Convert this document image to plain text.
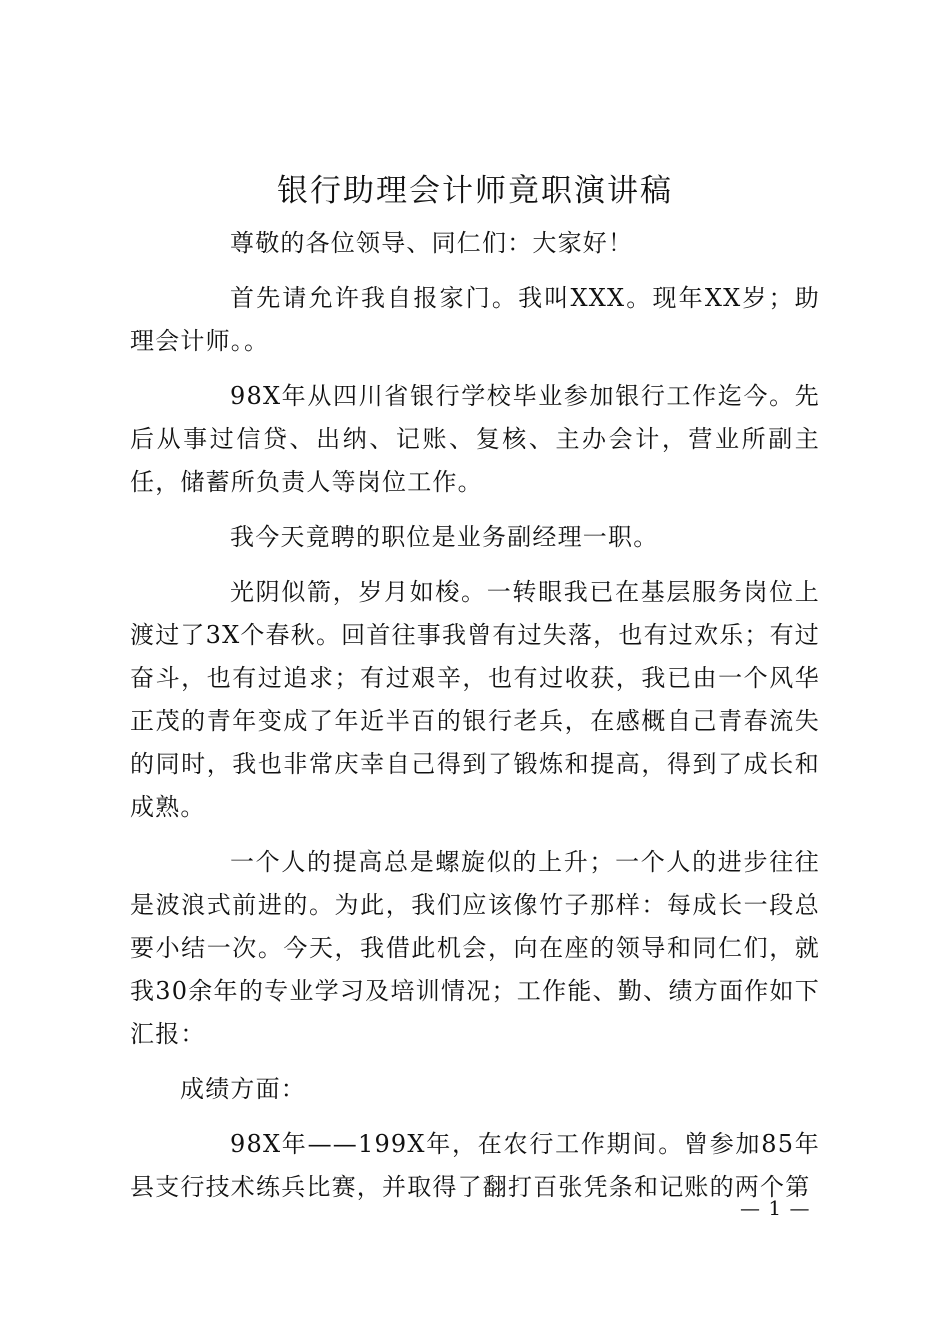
银行助理会计师竟职演讲稿

尊敬的各位领导、同仁们：大家好！

首先请允许我自报家门。我叫XXX。现年XX岁；助理会计师。。

98X年从四川省银行学校毕业参加银行工作迄今。先后从事过信贷、出纳、记账、复核、主办会计，营业所副主任，储蓄所负责人等岗位工作。

我今天竟聘的职位是业务副经理一职。

光阴似箭，岁月如梭。一转眼我已在基层服务岗位上渡过了3X个春秋。回首往事我曾有过失落，也有过欢乐；有过奋斗，也有过追求；有过艰辛，也有过收获，我已由一个风华正茂的青年变成了年近半百的银行老兵，在感概自己青春流失的同时，我也非常庆幸自己得到了锻炼和提高，得到了成长和成熟。

一个人的提高总是螺旋似的上升；一个人的进步往往是波浪式前进的。为此，我们应该像竹子那样：每成长一段总要小结一次。今天，我借此机会，向在座的领导和同仁们，就我30余年的专业学习及培训情况；工作能、勤、绩方面作如下汇报：

成绩方面：

98X年——199X年，在农行工作期间。曾参加85年县支行技术练兵比赛，并取得了翻打百张凭条和记账的两个第

— 1 —
